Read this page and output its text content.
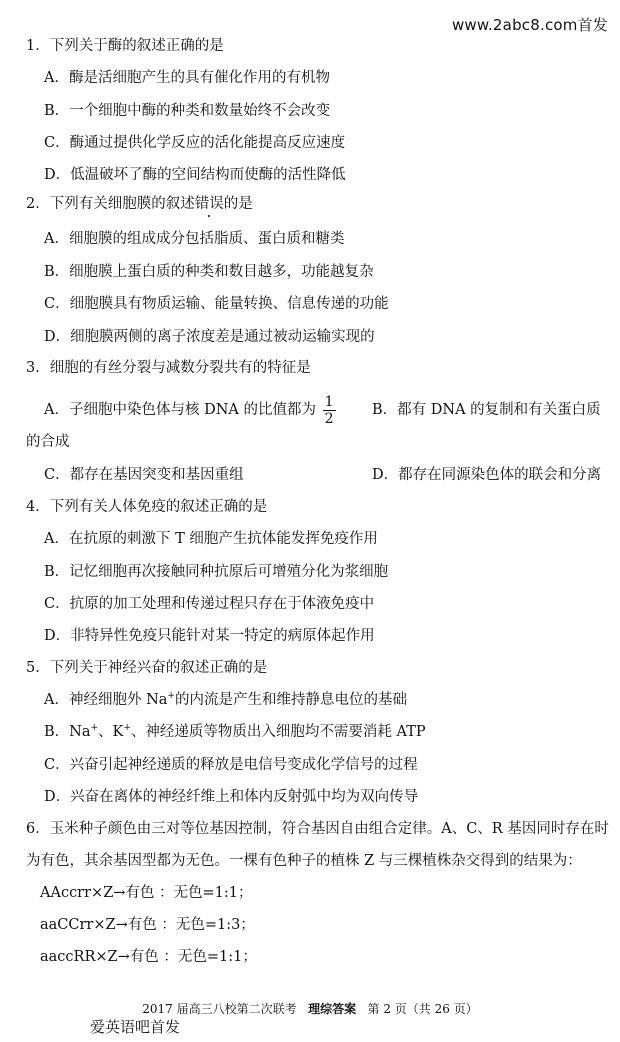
www.2abc8.com首发
1．下列关于酶的叙述正确的是
A．酶是活细胞产生的具有催化作用的有机物
B．一个细胞中酶的种类和数量始终不会改变
C．酶通过提供化学反应的活化能提高反应速度
D．低温破坏了酶的空间结构而使酶的活性降低
2．下列有关细胞膜的叙述错误的是
A．细胞膜的组成成分包括脂质、蛋白质和糖类
B．细胞膜上蛋白质的种类和数目越多，功能越复杂
C．细胞膜具有物质运输、能量转换、信息传递的功能
D．细胞膜两侧的离子浓度差是通过被动运输实现的
3．细胞的有丝分裂与减数分裂共有的特征是
A．子细胞中染色体与核 DNA 的比值都为 $\frac{1}{2}$	B．都有 DNA 的复制和有关蛋白质
的合成
C．都存在基因突变和基因重组	D．都存在同源染色体的联会和分离
4．下列有关人体免疫的叙述正确的是
A．在抗原的刺激下 T 细胞产生抗体能发挥免疫作用
B．记忆细胞再次接触同种抗原后可增殖分化为浆细胞
C．抗原的加工处理和传递过程只存在于体液免疫中
D．非特异性免疫只能针对某一特定的病原体起作用
5．下列关于神经兴奋的叙述正确的是
A．神经细胞外 Na+的内流是产生和维持静息电位的基础
B．Na+、K+、神经递质等物质出入细胞均不需要消耗 ATP
C．兴奋引起神经递质的释放是电信号变成化学信号的过程
D．兴奋在离体的神经纤维上和体内反射弧中均为双向传导
6．玉米种子颜色由三对等位基因控制，符合基因自由组合定律。A、C、R 基因同时存在时
为有色，其余基因型都为无色。一棵有色种子的植株 Z 与三棵植株杂交得到的结果为：
AAccrr×Z→有色 ：无色=1:1；
aaCCrr×Z→有色 ：无色=1:3；
aaccRR×Z→有色 ：无色=1:1；
2017 届高三八校第二次联考 理综答案 第 2 页（共 26 页）
爱英语吧首发
